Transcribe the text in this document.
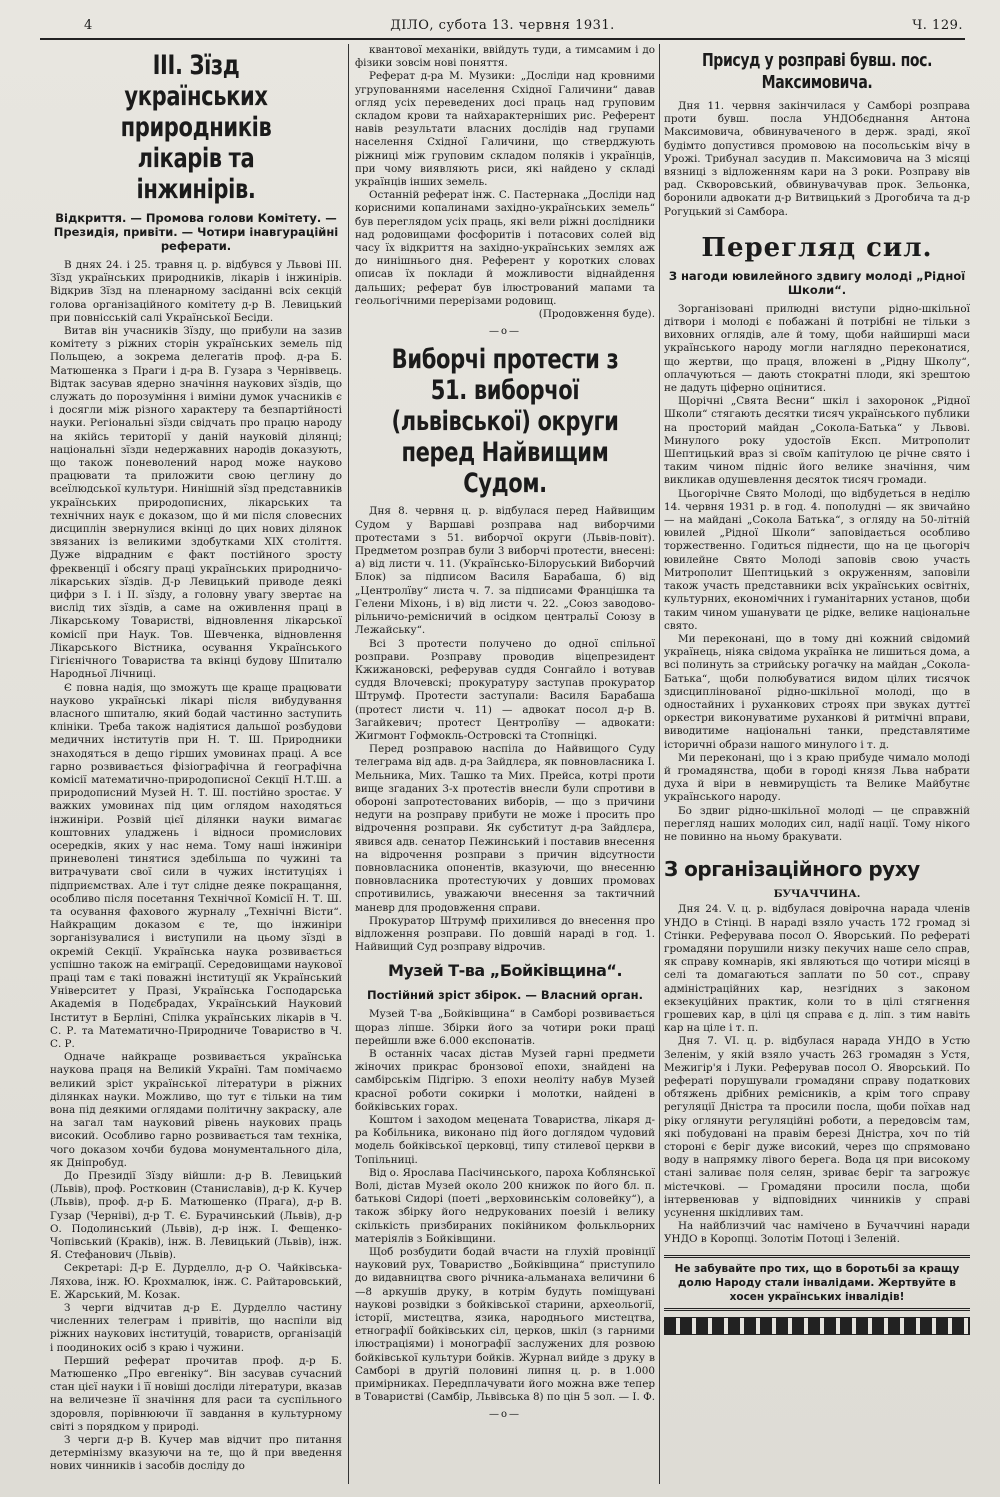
4	ДІЛО, субота 13. червня 1931.	Ч. 129.
III. Зїзд українських природників лікарів та інжинірів.
Відкриття. — Промова голови Комітету. — Президія, привіти. — Чотири інавгураційні реферати.

В днях 24. і 25. травня ц. р. відбувся у Львові III. Зїзд українських природників, лікарів і інжинірів. Відкрив Зїзд на пленарному засіданні всіх секцій голова організаційного комітету д-р В. Левицький при повнісській салі Української Бесіди.

Витав він учасників Зїзду, що прибули на зазив комітету з ріжних сторін українських земель під Польщею, а зокрема делегатів проф. д-ра Б. Матюшенка з Праги і д-ра В. Гузара з Черніввець. Відтак засував ядерно значіння наукових зїздів, що служать до порозуміння і виміни думок учасників є і досягли між різного характеру та безпартійності науки. Регіональні зїзди свідчать про працю народу на якійсь території у даній науковій ділянці; національні зїзди недержавних народів доказують, що також поневолений народ може науково працювати та приложити свою цеглину до всеїлюдської культури. Нинішній зїзд представників українських природописних, лікарських та технічних наук є доказом, що й ми після словесних дисциплін звернулися вкінці до цих нових ділянок звязаних із великими здобутками XIX століття. Дуже відрадним є факт постійного зросту фреквенції і обсягу праці українських природничо-лікарських зїздів. Д-р Левицький приводе деякі цифри з I. і II. зїзду, а головну увагу звертає на вислід тих зїздів, а саме на оживлення праці в Лікарському Товаристві, відновлення лікарської комісії при Наук. Тов. Шевченка, відновлення Лікарського Вістника, осування Українського Гігієнічного Товариства та вкінці будову Шпиталю Народньої Лічниці.

Є повна надія, що зможуть ще краще працювати науково українські лікарі після вибудування власного шпиталю, який бодай частинно заступить клініки. Треба також надіятися дальшої розбудови медичних інститутів при Н. Т. Ш. Природники знаходяться в дещо гірших умовинах праці. А все гарно розвивається фізіографічна й географічна комісії математично-природописної Секції Н.Т.Ш. а природописний Музей Н. Т. Ш. постійно зростає. У важких умовинах під цим оглядом находяться інжиніри. Розвій цієї ділянки науки вимагає коштовних уладжень і відноси промислових осередків, яких у нас нема. Тому наші інжиніри приневолені тинятися здебільша по чужині та витрачувати свої сили в чужих інституціях і підприємствах. Але і тут слідне деяке покращання, особливо після посетання Технічної Комісії Н. Т. Ш. та осування фахового журналу „Технічні Вісти“. Найкращим доказом є те, що інжиніри зорганізувалися і виступили на цьому зїзді в окремій Секції. Українська наука розвивається успішно також на еміграції. Середовищами наукової праці там є такі поважні інституції як Український Університет у Празі, Українська Господарська Академія в Подєбрадах, Український Науковий Інститут в Берліні, Спілка українських лікарів в Ч. С. Р. та Математично-Природниче Товариство в Ч. С. Р.

Одначе найкраще розвивається українська наукова праця на Великій Україні. Там помічаємо великий зріст української літератури в ріжних ділянках науки. Можливо, що тут є тільки на тим вона під деякими оглядами політичну закраску, але на загал там науковий рівень наукових праць високий. Особливо гарно розвивається там техніка, чого доказом хочби будова монументального діла, як Дніпробуд.

До Президії Зїзду війшли: д-р В. Левицький (Львів), проф. Ростковин (Станиславів), д-р К. Кучер (Львів), проф. д-р Б. Матюшенко (Прага), д-р В. Гузар (Черніві), д-р Т. Є. Бурачинський (Львів), д-р О. Подолинський (Львів), д-р інж. І. Фещенко-Чопівський (Краків), інж. В. Левицький (Львів), інж. Я. Стефанович (Львів).

Секретарі: Д-р Е. Дурделло, д-р О. Чайківська-Ляхова, інж. Ю. Крохмалюк, інж. С. Райтаровський, Е. Жарський, М. Козак.

З черги відчитав д-р Е. Дурделло частину численних телеграм і привітів, що наспіли від ріжних наукових інституцій, товариств, організацій і поодиноких осіб з краю і чужини.

Перший реферат прочитав проф. д-р Б. Матюшенко „Про евгеніку“. Він засував сучасний стан цієї науки і її новіші досліди літератури, вказав на величезне її значіння для раси та суспільного здоровля, порівнюючи її завдання в культурному світі з порядком у природі.

З черги д-р В. Кучер мав відчит про питання детермінізму вказуючи на те, що й при введення нових чинників і засобів досліду до

квантової механіки, ввійдуть туди, а тимсамим і до фізики зовсім нові поняття.

Реферат д-ра М. Музики: „Досліди над кровними угрупованнями населення Східної Галичини“ давав огляд усіх переведених досі праць над груповим складом крови та найхарактерніших рис. Референт навів результати власних дослідів над групами населення Східної Галичини, що стверджують ріжниці між груповим складом поляків і українців, при чому виявляють риси, які найдено у складі українців інших земель.

Останній реферат інж. С. Пастернака „Досліди над корисними копалинами західно-українських земель“ був переглядом усіх праць, які вели ріжні дослідники над родовищами фосфоритів і потасових солей від часу їх відкриття на західно-українських землях аж до нинішнього дня. Референт у коротких словах описав їх поклади й можливости віднайдення дальших; реферат був ілюстрований мапами та геольогічними перерізами родовищ.

(Продовження буде).

—o—
Виборчі протести з 51. виборчої (львівської) округи перед Найвищим Судом.

Дня 8. червня ц. р. відбулася перед Найвищим Судом у Варшаві розправа над виборчими протестами з 51. виборчої округи (Львів-повіт). Предметом розправ були 3 виборчі протести, внесені: а) від листи ч. 11. (Українсько-Білоруський Виборчий Блок) за підписом Василя Барабаша, б) від „Центролїву“ листа ч. 7. за підписами Францішка та Гелени Міхонь, і в) від листи ч. 22. „Союз заводово-рільничо-ремісничий в осідком центральї Союзу в Лежайську“.

Всі 3 протести получено до одної спільної розправи. Розправу проводив віцепрезидент Кжижановскі, реферував суддя Сонгайло і вотував суддя Влочевскі; прокуратуру заступав прокуратор Штрумф. Протести заступали: Василя Барабаша (протест листи ч. 11) — адвокат посол д-р В. Загайкевич; протест Центролїву — адвокати: Жигмонт Гофмокль-Островскі та Стопніцкі.

Перед розправою наспіла до Найвищого Суду телеграма від адв. д-ра Зайдлєра, як повновласника І. Мельника, Мих. Ташко та Мих. Прейса, котрі проти вище згаданих 3-х протестів внесли були спротиви в обороні запротестованих виборів, — що з причини недуги на розправу прибути не може і просить про відрочення розправи. Як субститут д-ра Зайдлєра, явився адв. сенатор Пежинський і поставив внесення на відрочення розправи з причин відсутности повновласника опонентів, вказуючи, що внесенню повновласника протестуючих у довших промовах спротивились, уважаючи внесення за тактичний маневр для продовження справи.

Прокуратор Штрумф прихилився до внесення про відложення розправи. По довшій нараді в год. 1. Найвищий Суд розправу відрочив.

Музей Т-ва „Бойківщина“.
Постійний зріст збірок. — Власний орган.

Музей Т-ва „Бойківщина“ в Самборі розвивається щораз ліпше. Збірки його за чотири роки праці перейшли вже 6.000 експонатів.

В останніх часах дістав Музей гарні предмети жіночих прикрас бронзової епохи, знайдені на самбірськім Підгірю. З епохи неоліту набув Музей красної роботи сокирки і молотки, найдені в бойківських горах.

Коштом і заходом мецената Товариства, лікаря д-ра Кобільника, виконано під його доглядом чудовий модель бойківської церковці, типу стилевої церкви в Топільниці.

Від о. Ярослава Пасічинського, пароха Коблянської Волі, дістав Музей около 200 книжок по його бл. п. батькові Сидорі (поеті „верховинськім соловейку“), а також збірку його недрукованих поезій і велику скількість призбираних покійником фолькльорних матеріялів з Бойківщини.

Щоб розбудити бодай вчасти на глухій провінції науковий рух, Товариство „Бойківщина“ приступило до видавництва свого річника-альманаха величини 6—8 аркушів друку, в котрім будуть поміщувані наукові розвідки з бойківської старини, археольогії, історії, мистецтва, язика, народнього мистецтва, етнографії бойківських сіл, церков, шкіл (з гарними ілюстраціями) і монографії заслужених для розвою бойківської культури бойків. Журнал вийде з друку в Самборі в другій половині липня ц. р. в 1.000 примірниках. Передплачувати його можна вже тепер в Товаристві (Самбір, Львівська 8) по цін 5 зол. — І. Ф.

—o—
Присуд у розправі бувш. пос. Максимовича.

Дня 11. червня закінчилася у Самборі розправа проти бувш. посла УНДОбєднання Антона Максимовича, обвинуваченого в держ. зраді, якої будімто допустився промовою на посольськім вічу в Урожі. Трибунал засудив п. Максимовича на 3 місяці вязниці з відложенням кари на 3 роки. Розправу вів рад. Скворовський, обвинувачував прок. Зельонка, боронили адвокати д-р Витвицький з Дрогобича та д-р Рогуцький зі Самбора.

Перегляд сил.
З нагоди ювилейного здвигу молоді „Рідної Школи“.

Зорганізовані прилюдні виступи рідно-шкільної дітвори і молоді є побажані й потрібні не тільки з виховних оглядів, але й тому, щоби найширші маси українського народу могли наглядно переконатися, що жертви, що праця, вложені в „Рідну Школу“, оплачуються — дають стократні плоди, які зрештою не дадуть ціферно оцінитися.

Щорічні „Свята Весни“ шкіл і захоронок „Рідної Школи“ стягають десятки тисяч українського публики на просторий майдан „Сокола-Батька“ у Львові. Минулого року удостоїв Експ. Митрополит Шептицький враз зі своїм капітулою це річне свято і таким чином підніс його велике значіння, чим викликав одушевлення десяток тисяч громади.

Цьогорічне Свято Молоді, що відбудеться в неділю 14. червня 1931 р. в год. 4. пополудні — як звичайно — на майдані „Сокола Батька“, з огляду на 50-літній ювилей „Рідної Школи“ заповідається особливо торжественно. Годиться піднести, що на це цьогоріч ювилейне Свято Молоді заповів свою участь Митрополит Шептицький з окруженням, заповіли також участь представники всіх українських освітніх, культурних, економічних і гуманітарних установ, щоби таким чином ушанувати це рідке, велике національне свято.

Ми переконані, що в тому дні кожний свідомий українець, ніяка свідома українка не лишиться дома, а всі полинуть за стрийську рогачку на майдан „Сокола-Батька“, щоби полюбуватися видом цілих тисячок здисциплінованої рідно-шкільної молоді, що в одностайних і руханкових строях при звуках дуттєї оркестри виконуватиме руханкові й ритмічні вправи, виводитиме національні танки, представлятиме історичні образи нашого минулого і т. д.

Ми переконані, що і з краю прибуде чимало молоді й громадянства, щоби в городі князя Льва набрати духа й віри в невмирущість та Велике Майбутнє українського народу.

Бо здвиг рідно-шкільної молоді — це справжній перегляд наших молодих сил, надії нації. Тому нікого не повинно на ньому бракувати.

З організаційного руху
БУЧАЧЧИНА.

Дня 24. V. ц. р. відбулася довірочна нарада членів УНДО в Стінці. В нараді взяло участь 172 громад зі Стінки. Реферувава посол О. Яворський. По рефераті громадяни порушили низку пекучих наше село справ, як справу комнарів, які являються що чотири місяці в селі та домагаються заплати по 50 сот., справу адміністраційних кар, незгідних з законом екзекуційних практик, коли то в цілі стягнення грошевих кар, в цілі ця справа є д. ліп. з тим навіть кар на ціле і т. п.

Дня 7. VI. ц. р. відбулася нарада УНДО в Устю Зеленім, у якій взяло участь 263 громадян з Устя, Межигір'я і Луки. Реферував посол О. Яворський. По рефераті порушували громадяни справу податкових обтяжень дрібних ремісників, а крім того справу регуляції Дністра та просили посла, щоби поїхав над ріку оглянути регуляційні роботи, а передовсім там, які побудовані на правім березі Дністра, хоч по тій стороні є беріг дуже високий, через що спрямовано воду в напрямку лівого берега. Вода ця при високому стані заливає поля селян, зриває беріг та загрожує містечкові. — Громадяни просили посла, щоби інтервенював у відповідних чинників у справі усунення шкідливих там.

На найблизчий час намічено в Бучаччині наради УНДО в Коропці. Золотім Потоці і Зеленій.

Не забувайте про тих, що в боротьбі за кращу долю Народу стали інвалідами. Жертвуйте в хосен українських інвалідів!
